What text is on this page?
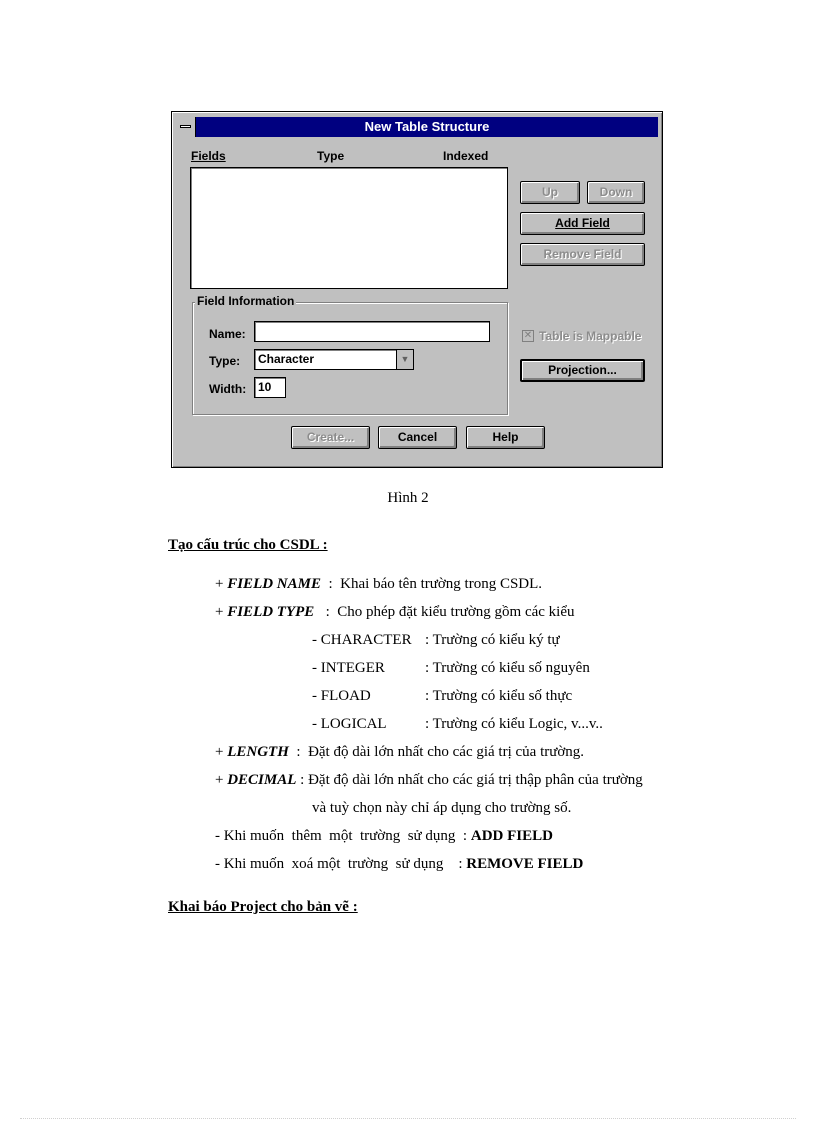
New Table Structure
Fields	Type	Indexed
Up	Down
Add Field
Remove Field
Field Information
Name:
Type:
Width:
Character	▼
10
✕ Table is Mappable
Projection...
Create...	Cancel	Help
Hình 2
Tạo cấu trúc cho CSDL :
+ FIELD NAME  :  Khai báo tên trường trong CSDL.
+ FIELD TYPE   :  Cho phép đặt kiểu trường gồm các kiểu
- CHARACTER : Trường có kiểu ký tự
- INTEGER	: Trường có kiểu số nguyên
- FLOAD	: Trường có kiểu số thực
- LOGICAL	: Trường có kiểu Logic, v...v..
+ LENGTH  :  Đặt độ dài lớn nhất cho các giá trị của trường.
+ DECIMAL : Đặt độ dài lớn nhất cho các giá trị thập phân của trường
và tuỳ chọn này chỉ áp dụng cho trường số.
- Khi muốn  thêm  một  trường  sử dụng  : ADD FIELD
- Khi muốn  xoá một  trường  sử dụng    : REMOVE FIELD
Khai báo Project cho bản vẽ :
